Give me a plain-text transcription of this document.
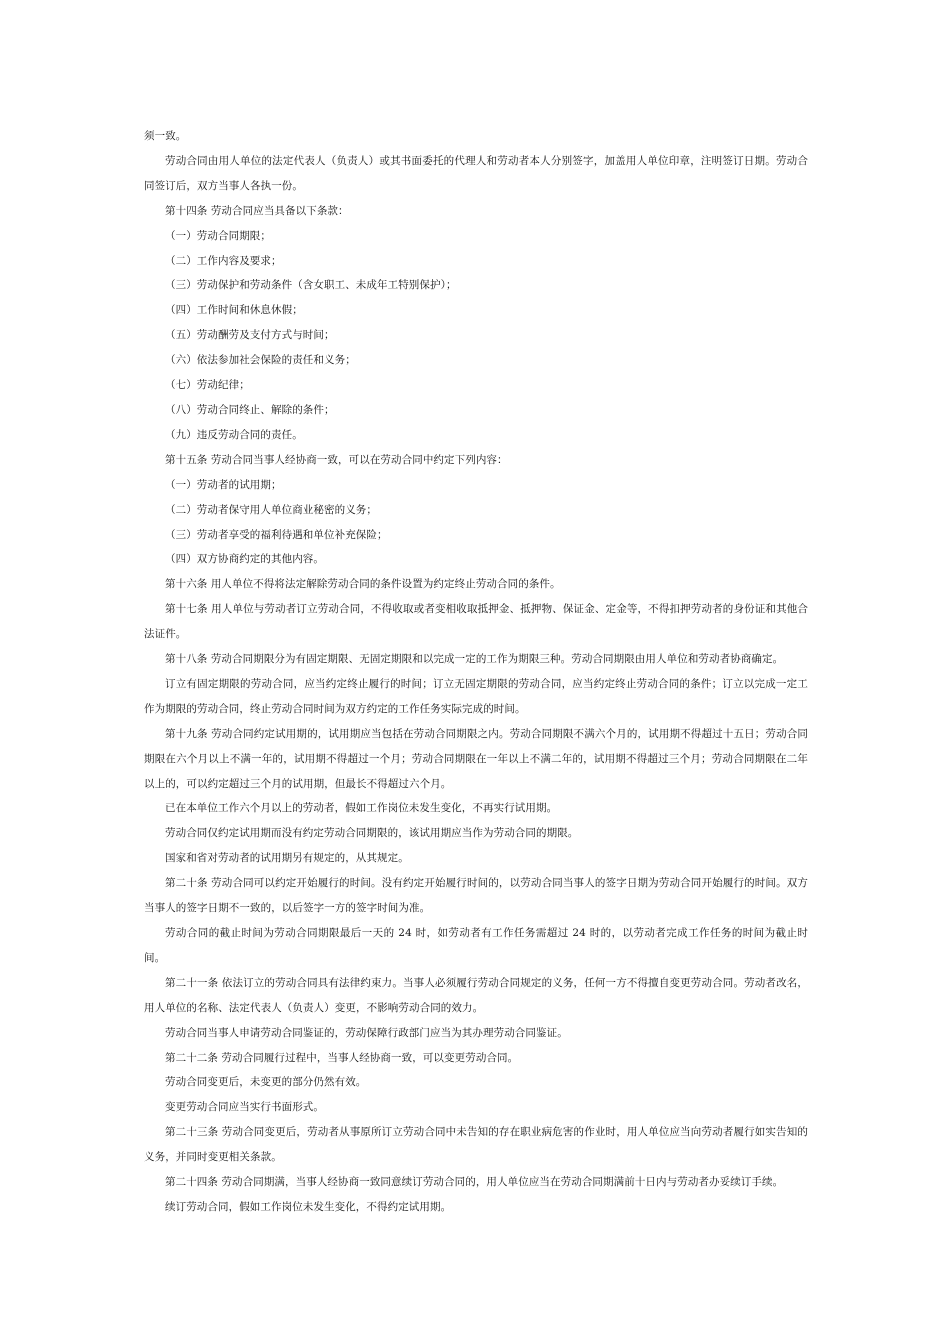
须一致。

劳动合同由用人单位的法定代表人（负责人）或其书面委托的代理人和劳动者本人分别签字，加盖用人单位印章，注明签订日期。劳动合同签订后，双方当事人各执一份。

第十四条 劳动合同应当具备以下条款：

（一）劳动合同期限；

（二）工作内容及要求；

（三）劳动保护和劳动条件（含女职工、未成年工特别保护）；

（四）工作时间和休息休假；

（五）劳动酬劳及支付方式与时间；

（六）依法参加社会保险的责任和义务；

（七）劳动纪律；

（八）劳动合同终止、解除的条件；

（九）违反劳动合同的责任。

第十五条 劳动合同当事人经协商一致，可以在劳动合同中约定下列内容：

（一）劳动者的试用期；

（二）劳动者保守用人单位商业秘密的义务；

（三）劳动者享受的福利待遇和单位补充保险；

（四）双方协商约定的其他内容。

第十六条 用人单位不得将法定解除劳动合同的条件设置为约定终止劳动合同的条件。

第十七条 用人单位与劳动者订立劳动合同，不得收取或者变相收取抵押金、抵押物、保证金、定金等，不得扣押劳动者的身份证和其他合法证件。

第十八条 劳动合同期限分为有固定期限、无固定期限和以完成一定的工作为期限三种。劳动合同期限由用人单位和劳动者协商确定。

订立有固定期限的劳动合同，应当约定终止履行的时间；订立无固定期限的劳动合同，应当约定终止劳动合同的条件；订立以完成一定工作为期限的劳动合同，终止劳动合同时间为双方约定的工作任务实际完成的时间。

第十九条 劳动合同约定试用期的，试用期应当包括在劳动合同期限之内。劳动合同期限不满六个月的，试用期不得超过十五日；劳动合同期限在六个月以上不满一年的，试用期不得超过一个月；劳动合同期限在一年以上不满二年的，试用期不得超过三个月；劳动合同期限在二年以上的，可以约定超过三个月的试用期，但最长不得超过六个月。

已在本单位工作六个月以上的劳动者，假如工作岗位未发生变化，不再实行试用期。

劳动合同仅约定试用期而没有约定劳动合同期限的，该试用期应当作为劳动合同的期限。

国家和省对劳动者的试用期另有规定的，从其规定。

第二十条 劳动合同可以约定开始履行的时间。没有约定开始履行时间的，以劳动合同当事人的签字日期为劳动合同开始履行的时间。双方当事人的签字日期不一致的，以后签字一方的签字时间为准。

劳动合同的截止时间为劳动合同期限最后一天的 24 时，如劳动者有工作任务需超过 24 时的，以劳动者完成工作任务的时间为截止时间。

第二十一条 依法订立的劳动合同具有法律约束力。当事人必须履行劳动合同规定的义务，任何一方不得擅自变更劳动合同。劳动者改名，用人单位的名称、法定代表人（负责人）变更，不影响劳动合同的效力。

劳动合同当事人申请劳动合同鉴证的，劳动保障行政部门应当为其办理劳动合同鉴证。

第二十二条 劳动合同履行过程中，当事人经协商一致，可以变更劳动合同。

劳动合同变更后，未变更的部分仍然有效。

变更劳动合同应当实行书面形式。

第二十三条 劳动合同变更后，劳动者从事原所订立劳动合同中未告知的存在职业病危害的作业时，用人单位应当向劳动者履行如实告知的义务，并同时变更相关条款。

第二十四条 劳动合同期满，当事人经协商一致同意续订劳动合同的，用人单位应当在劳动合同期满前十日内与劳动者办妥续订手续。

续订劳动合同，假如工作岗位未发生变化，不得约定试用期。
